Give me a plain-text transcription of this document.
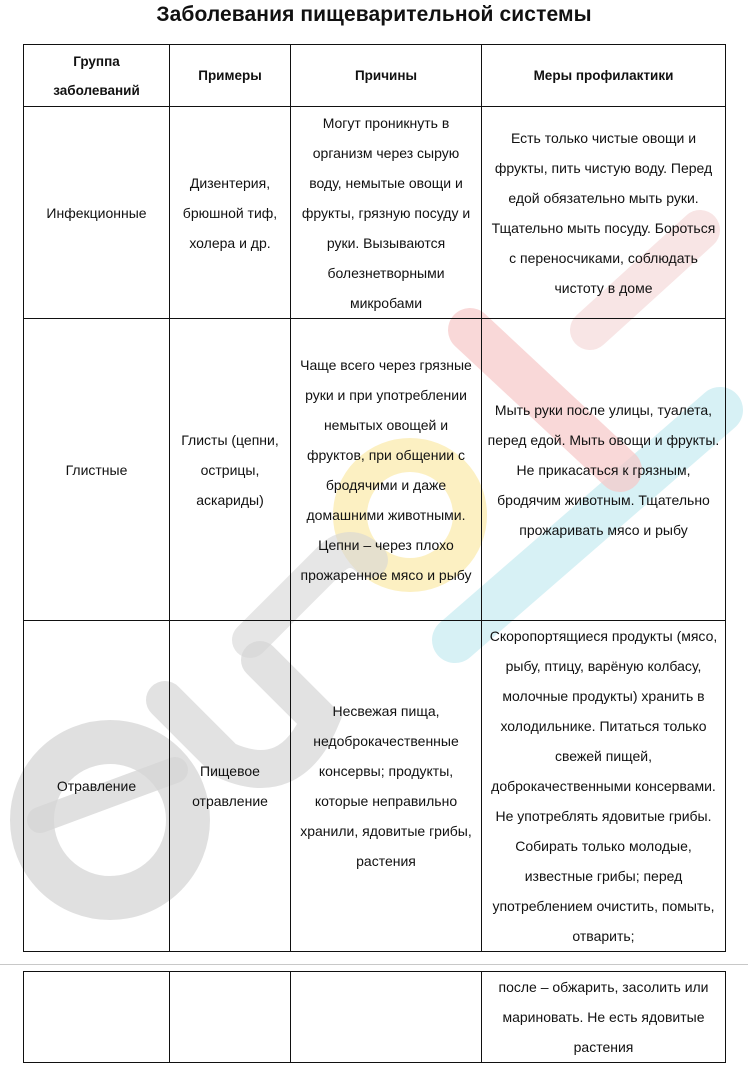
Заболевания пищеварительной системы
Группа заболеваний	Примеры	Причины	Меры профилактики
Инфекционные	Дизентерия, брюшной тиф, холера и др.	Могут проникнуть в организм через сырую воду, немытые овощи и фрукты, грязную посуду и руки. Вызываются болезнетворными микробами	Есть только чистые овощи и фрукты, пить чистую воду. Перед едой обязательно мыть руки. Тщательно мыть посуду. Бороться с переносчиками, соблюдать чистоту в доме
Глистные	Глисты (цепни, острицы, аскариды)	Чаще всего через грязные руки и при употреблении немытых овощей и фруктов, при общении с бродячими и даже домашними животными. Цепни – через плохо прожаренное мясо и рыбу	Мыть руки после улицы, туалета, перед едой. Мыть овощи и фрукты. Не прикасаться к грязным, бродячим животным. Тщательно прожаривать мясо и рыбу
Отравление	Пищевое отравление	Несвежая пища, недоброкачественные консервы; продукты, которые неправильно хранили, ядовитые грибы, растения	Скоропортящиеся продукты (мясо, рыбу, птицу, варёную колбасу, молочные продукты) хранить в холодильнике. Питаться только свежей пищей, доброкачественными консервами. Не употреблять ядовитые грибы. Собирать только молодые, известные грибы; перед употреблением очистить, помыть, отварить;
			после – обжарить, засолить или мариновать. Не есть ядовитые растения
